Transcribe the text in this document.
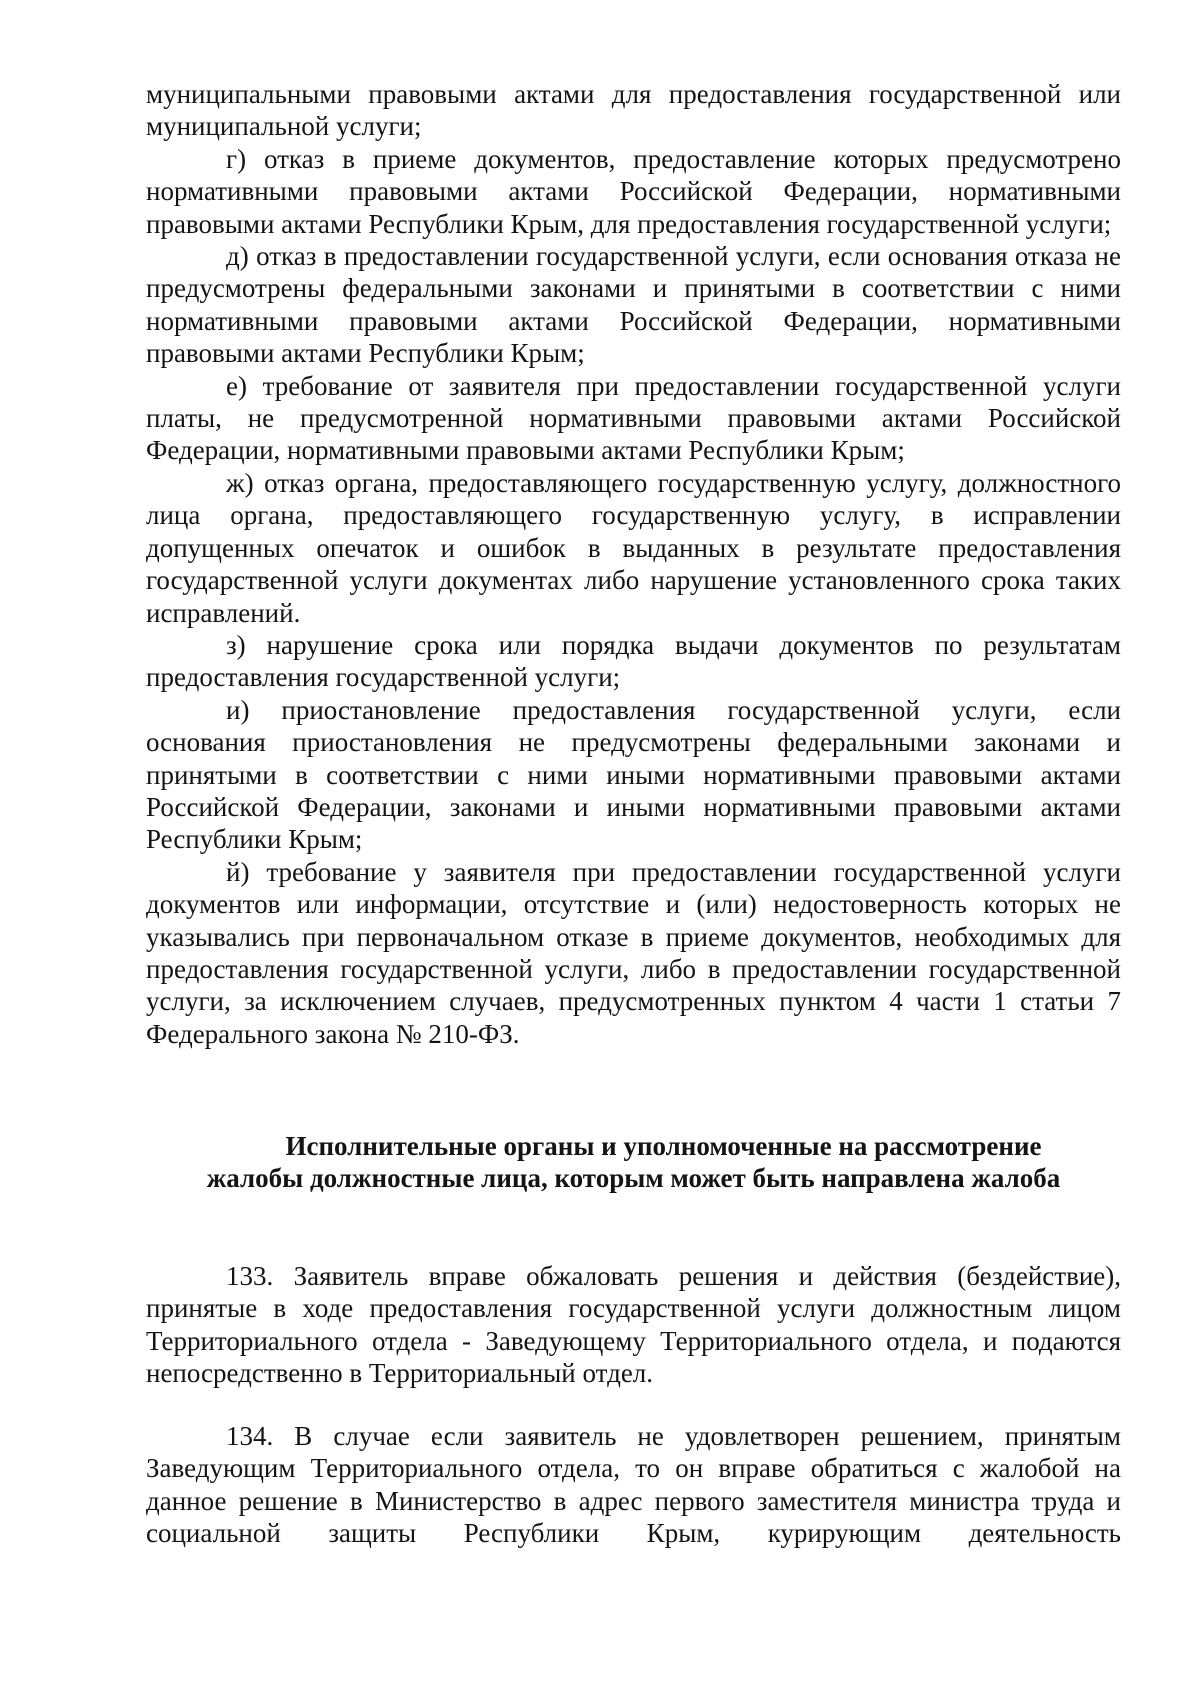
муниципальными правовыми актами для предоставления государственной или муниципальной услуги;

г) отказ в приеме документов, предоставление которых предусмотрено нормативными правовыми актами Российской Федерации, нормативными правовыми актами Республики Крым, для предоставления государственной услуги;

д) отказ в предоставлении государственной услуги, если основания отказа не предусмотрены федеральными законами и принятыми в соответствии с ними нормативными правовыми актами Российской Федерации, нормативными правовыми актами Республики Крым;

е) требование от заявителя при предоставлении государственной услуги платы, не предусмотренной нормативными правовыми актами Российской Федерации, нормативными правовыми актами Республики Крым;

ж) отказ органа, предоставляющего государственную услугу, должностного лица органа, предоставляющего государственную услугу, в исправлении допущенных опечаток и ошибок в выданных в результате предоставления государственной услуги документах либо нарушение установленного срока таких исправлений.

з) нарушение срока или порядка выдачи документов по результатам предоставления государственной услуги;

и) приостановление предоставления государственной услуги, если основания приостановления не предусмотрены федеральными законами и принятыми в соответствии с ними иными нормативными правовыми актами Российской Федерации, законами и иными нормативными правовыми актами Республики Крым;

й) требование у заявителя при предоставлении государственной услуги документов или информации, отсутствие и (или) недостоверность которых не указывались при первоначальном отказе в приеме документов, необходимых для предоставления государственной услуги, либо в предоставлении государственной услуги, за исключением случаев, предусмотренных пунктом 4 части 1 статьи 7 Федерального закона № 210-ФЗ.

Исполнительные органы и уполномоченные на рассмотрение
жалобы должностные лица, которым может быть направлена жалоба

133. Заявитель вправе обжаловать решения и действия (бездействие), принятые в ходе предоставления государственной услуги должностным лицом Территориального отдела - Заведующему Территориального отдела, и подаются непосредственно в Территориальный отдел.

134. В случае если заявитель не удовлетворен решением, принятым Заведующим Территориального отдела, то он вправе обратиться с жалобой на данное решение в Министерство в адрес первого заместителя министра труда и социальной защиты Республики Крым, курирующим деятельность
